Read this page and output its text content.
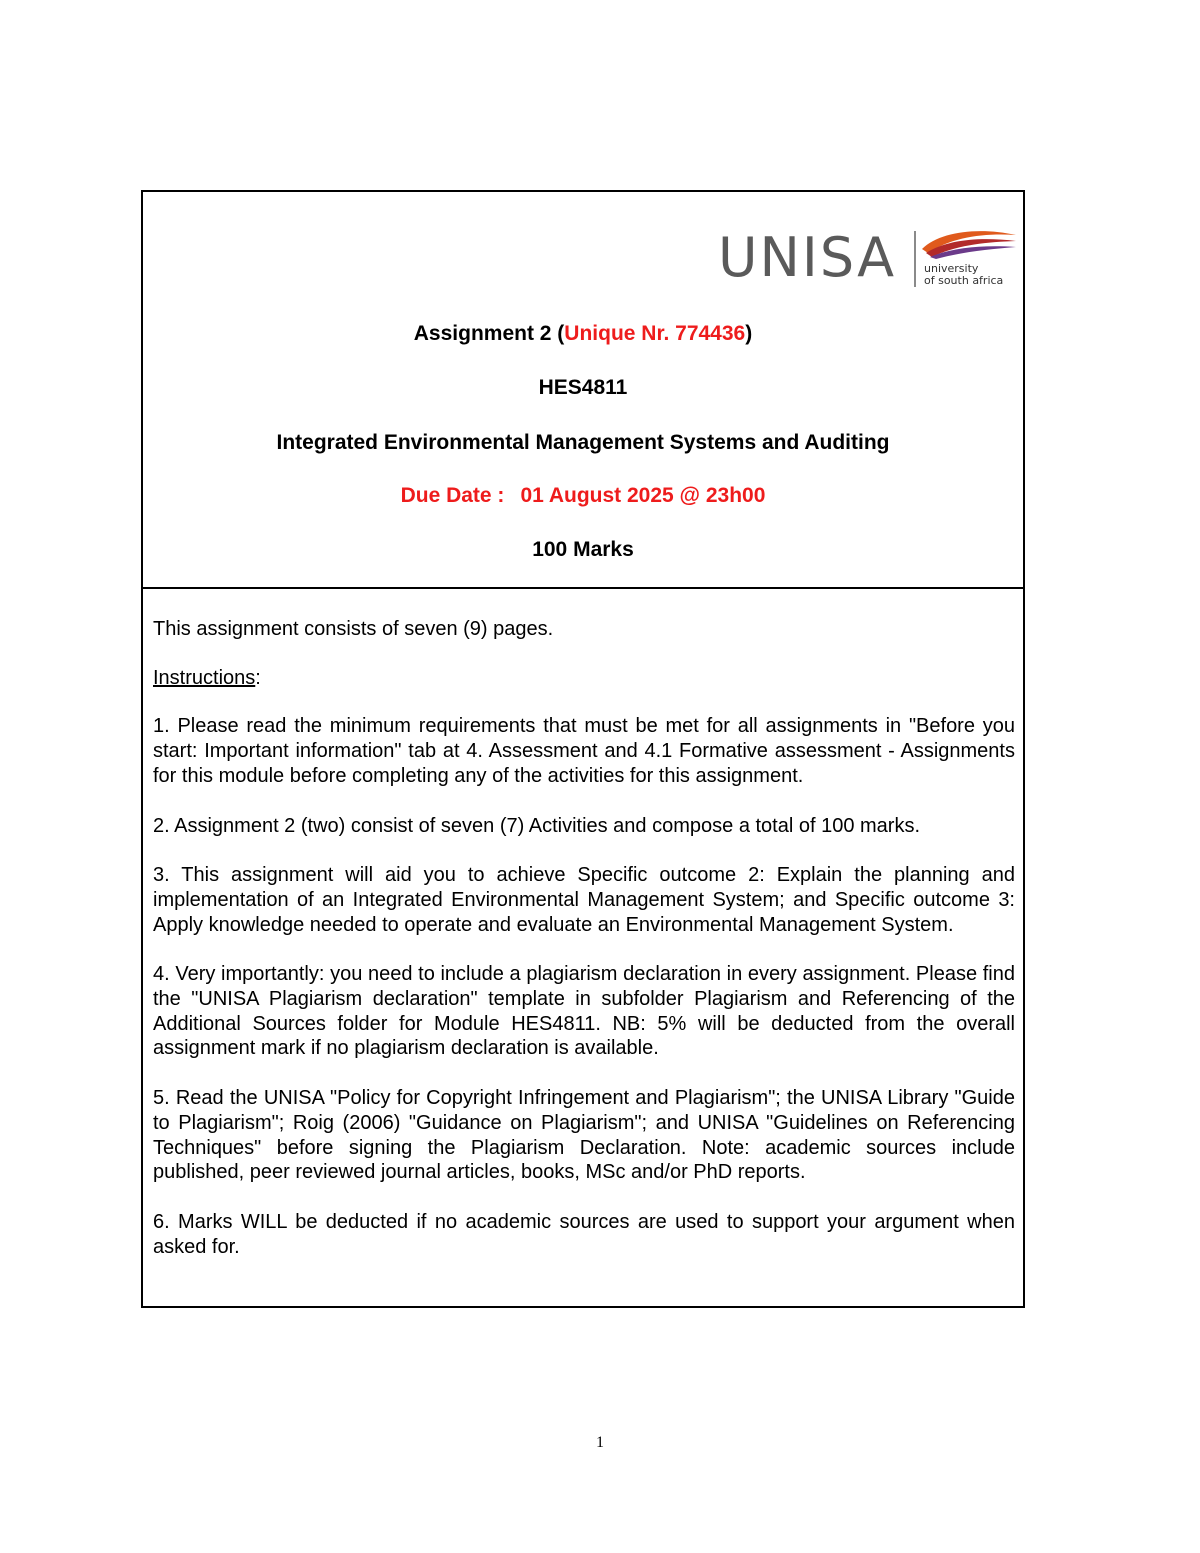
UNISA	university
of south africa
Assignment 2 (Unique Nr. 774436)
HES4811
Integrated Environmental Management Systems and Auditing
Due Date : 01 August 2025 @ 23h00
100 Marks

This assignment consists of seven (9) pages.

Instructions:

1. Please read the minimum requirements that must be met for all assignments in "Before you start: Important information" tab at 4. Assessment and 4.1 Formative assessment - Assignments for this module before completing any of the activities for this assignment.

2. Assignment 2 (two) consist of seven (7) Activities and compose a total of 100 marks.

3. This assignment will aid you to achieve Specific outcome 2: Explain the planning and implementation of an Integrated Environmental Management System; and Specific outcome 3: Apply knowledge needed to operate and evaluate an Environmental Management System.

4. Very importantly: you need to include a plagiarism declaration in every assignment. Please find the "UNISA Plagiarism declaration" template in subfolder Plagiarism and Referencing of the Additional Sources folder for Module HES4811. NB: 5% will be deducted from the overall assignment mark if no plagiarism declaration is available.

5. Read the UNISA "Policy for Copyright Infringement and Plagiarism"; the UNISA Library "Guide to Plagiarism"; Roig (2006) "Guidance on Plagiarism"; and UNISA "Guidelines on Referencing Techniques" before signing the Plagiarism Declaration. Note: academic sources include published, peer reviewed journal articles, books, MSc and/or PhD reports.

6. Marks WILL be deducted if no academic sources are used to support your argument when asked for.

1
